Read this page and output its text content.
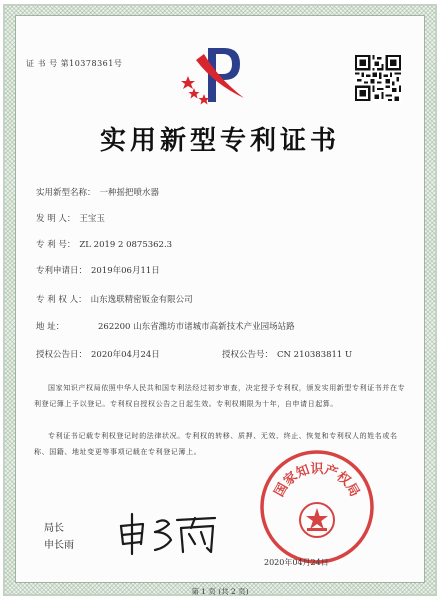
证 书 号 第10378361号
实用新型专利证书
实用新型名称： 一种摇把喷水器
发 明 人： 王宝玉
专 利 号： ZL 2019 2 0875362.3
专利申请日： 2019年06月11日
专 利 权 人： 山东逸联精密钣金有限公司
地 址：	262200 山东省潍坊市诸城市高新技术产业园场站路
授权公告日： 2020年04月24日	授权公告号： CN 210383811 U
国家知识产权局依照中华人民共和国专利法经过初步审查，决定授予专利权，颁发实用新型专利证书并在专利登记簿上予以登记。专利权自授权公告之日起生效。专利权期限为十年，自申请日起算。
专利证书记载专利权登记时的法律状况。专利权的转移、质押、无效、终止、恢复和专利权人的姓名或名称、国籍、地址变更等事项记载在专利登记簿上。
局长
申长雨
国家知识产权局
2020年04月24日
第 1 页 (共 2 页)
